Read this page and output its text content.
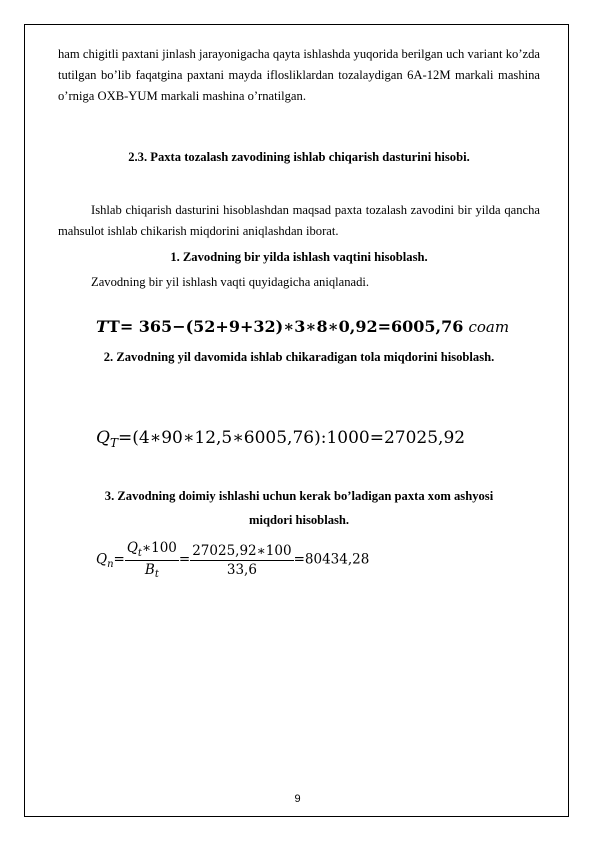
ham chigitli paxtani jinlash jarayonigacha qayta ishlashda yuqorida berilgan uch variant ko’zda tutilgan bo’lib faqatgina paxtani mayda iflosliklardan tozalaydigan 6A-12M markali mashina o’rniga OXB-YUM markali mashina o’rnatilgan.

2.3. Paxta tozalash zavodining ishlab chiqarish dasturini hisobi.

Ishlab chiqarish dasturini hisoblashdan maqsad paxta tozalash zavodini bir yilda qancha mahsulot ishlab chikarish miqdorini aniqlashdan iborat.

1. Zavodning bir yilda ishlash vaqtini hisoblash.
Zavodning bir yil ishlash vaqti quyidagicha aniqlanadi.
TT= 365−(52+9+32)∗3∗8∗0,92=6005,76 coam
2. Zavodning yil davomida ishlab chikaradigan tola miqdorini hisoblash.
$Q_T=(4∗90∗12,5∗6005,76):1000=27025,92$
3. Zavodning doimiy ishlashi uchun kerak bo’ladigan paxta xom ashyosi
miqdori hisoblash.
$Q_n= \frac{Q_t∗100}{B_t} = \frac{27025,92∗100}{33,6} =80434,28$
9
